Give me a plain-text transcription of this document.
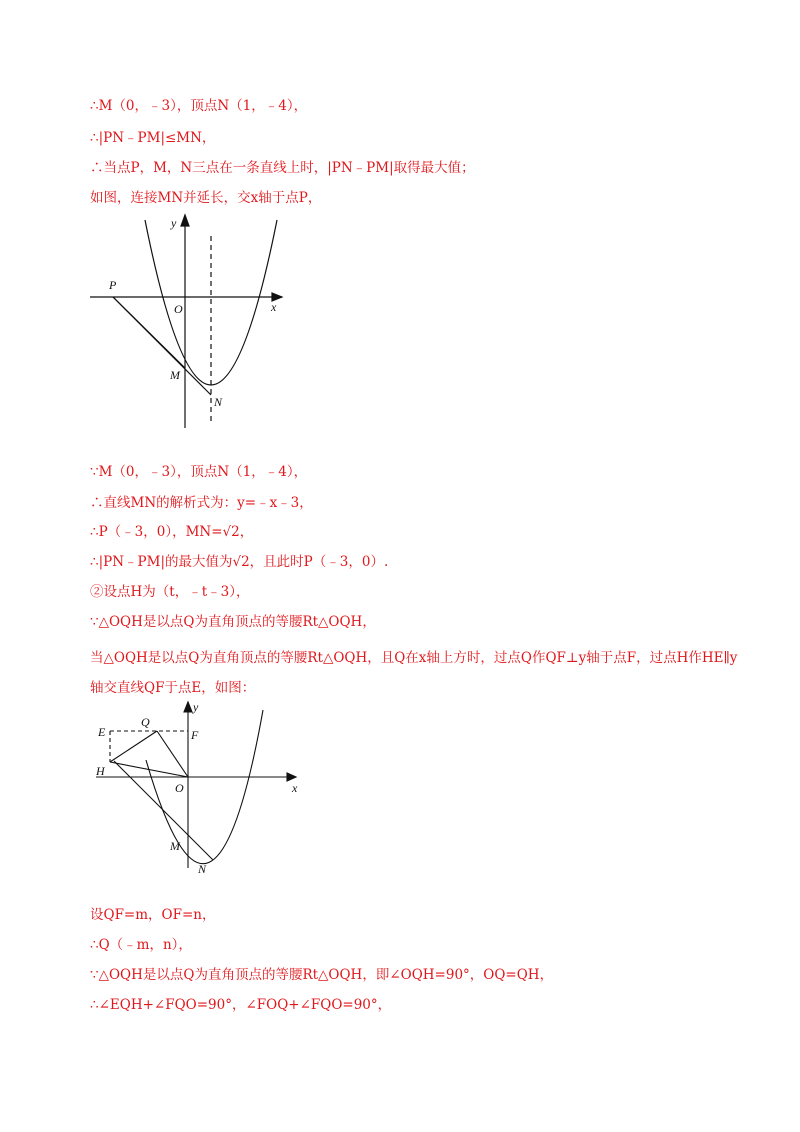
∴M（0，﹣3），顶点N（1，﹣4），
∴|PN﹣PM|≤MN，
∴当点P，M，N三点在一条直线上时，|PN﹣PM|取得最大值；
如图，连接MN并延长，交x轴于点P，
y
x
O
P
M
N
∵M（0，﹣3），顶点N（1，﹣4），
∴直线MN的解析式为：y=﹣x﹣3，
∴P（﹣3，0），MN=√2，
∴|PN﹣PM|的最大值为√2，且此时P（﹣3，0）.
②设点H为（t，﹣t﹣3），
∵△OQH是以点Q为直角顶点的等腰Rt△OQH，
当△OQH是以点Q为直角顶点的等腰Rt△OQH，且Q在x轴上方时，过点Q作QF⊥y轴于点F，过点H作HE∥y轴交直线QF于点E，如图：
y
x
O
E
Q
F
H
M
N
设QF=m，OF=n，
∴Q（﹣m，n），
∵△OQH是以点Q为直角顶点的等腰Rt△OQH，即∠OQH=90°，OQ=QH，
∴∠EQH+∠FQO=90°，∠FOQ+∠FQO=90°，
